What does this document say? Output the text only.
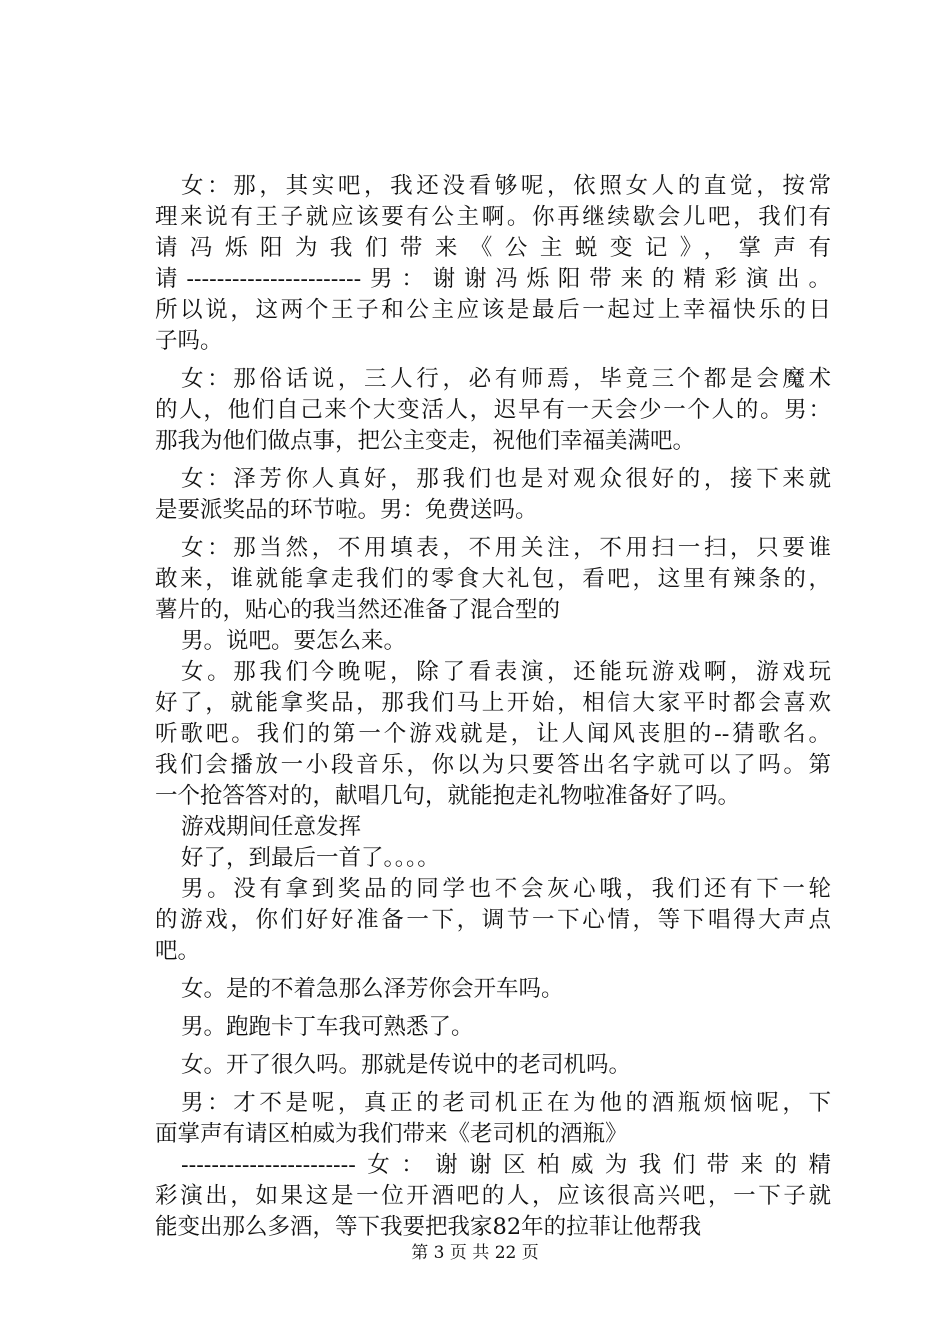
女：那，其实吧，我还没看够呢，依照女人的直觉，按常
理来说有王子就应该要有公主啊。你再继续歇会儿吧，我们有
请冯烁阳为我们带来《公主蜕变记》，掌声有
请-----------------------男：谢谢冯烁阳带来的精彩演出。
所以说，这两个王子和公主应该是最后一起过上幸福快乐的日
子吗。
女：那俗话说，三人行，必有师焉，毕竟三个都是会魔术
的人，他们自己来个大变活人，迟早有一天会少一个人的。男：
那我为他们做点事，把公主变走，祝他们幸福美满吧。
女：泽芳你人真好，那我们也是对观众很好的，接下来就
是要派奖品的环节啦。男：免费送吗。
女：那当然，不用填表，不用关注，不用扫一扫，只要谁
敢来，谁就能拿走我们的零食大礼包，看吧，这里有辣条的，
薯片的，贴心的我当然还准备了混合型的
男。说吧。要怎么来。
女。那我们今晚呢，除了看表演，还能玩游戏啊，游戏玩
好了，就能拿奖品，那我们马上开始，相信大家平时都会喜欢
听歌吧。我们的第一个游戏就是，让人闻风丧胆的--猜歌名。
我们会播放一小段音乐，你以为只要答出名字就可以了吗。第
一个抢答答对的，献唱几句，就能抱走礼物啦准备好了吗。
游戏期间任意发挥
好了，到最后一首了。。。。
男。没有拿到奖品的同学也不会灰心哦，我们还有下一轮
的游戏，你们好好准备一下，调节一下心情，等下唱得大声点
吧。
女。是的不着急那么泽芳你会开车吗。
男。跑跑卡丁车我可熟悉了。
女。开了很久吗。那就是传说中的老司机吗。
男：才不是呢，真正的老司机正在为他的酒瓶烦恼呢，下
面掌声有请区柏威为我们带来《老司机的酒瓶》
-----------------------女：谢谢区柏威为我们带来的精
彩演出，如果这是一位开酒吧的人，应该很高兴吧，一下子就
能变出那么多酒，等下我要把我家82年的拉菲让他帮我
第 3 页 共 22 页
